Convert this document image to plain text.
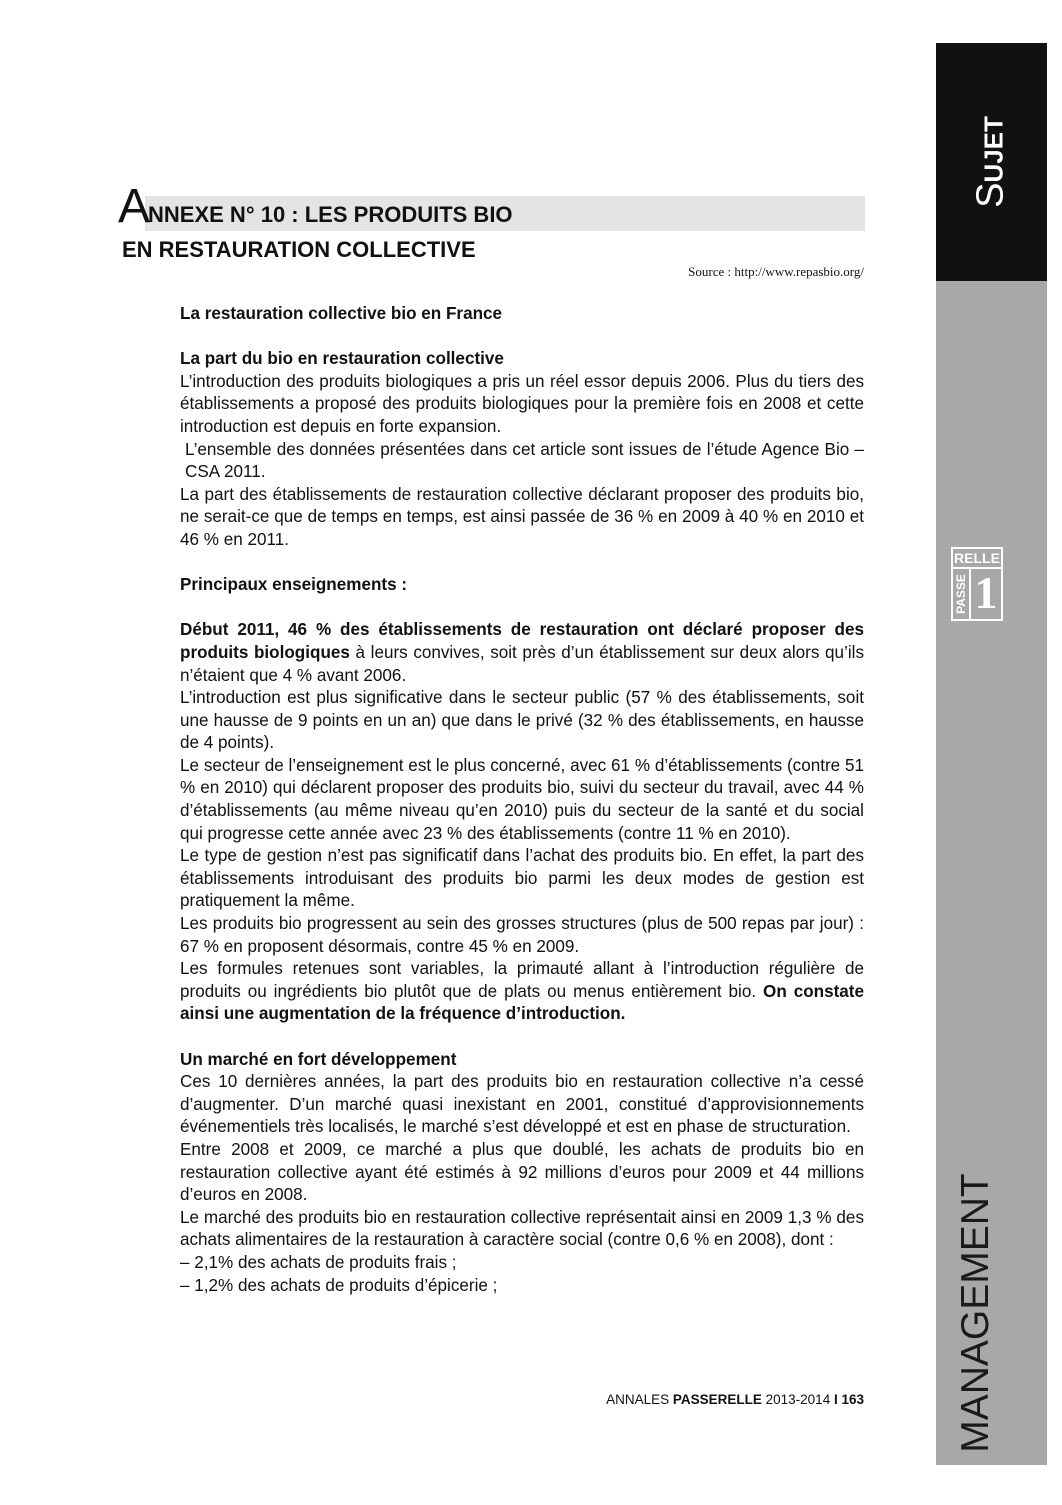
SUJET
RELLE
PASSE 1
MANAGEMENT
ANNEXE N° 10 : LES PRODUITS BIO
EN RESTAURATION COLLECTIVE
Source : http://www.repasbio.org/

La restauration collective bio en France

La part du bio en restauration collective

L’introduction des produits biologiques a pris un réel essor depuis 2006. Plus du tiers des établissements a proposé des produits biologiques pour la première fois en 2008 et cette introduction est depuis en forte expansion.

L’ensemble des données présentées dans cet article sont issues de l’étude Agence Bio – CSA 2011.

La part des établissements de restauration collective déclarant proposer des produits bio, ne serait-ce que de temps en temps, est ainsi passée de 36 % en 2009 à 40 % en 2010 et 46 % en 2011.

Principaux enseignements :

Début 2011, 46 % des établissements de restauration ont déclaré proposer des produits biologiques à leurs convives, soit près d’un établissement sur deux alors qu’ils n’étaient que 4 % avant 2006.

L’introduction est plus significative dans le secteur public (57 % des établissements, soit une hausse de 9 points en un an) que dans le privé (32 % des établissements, en hausse de 4 points).

Le secteur de l’enseignement est le plus concerné, avec 61 % d’établissements (contre 51 % en 2010) qui déclarent proposer des produits bio, suivi du secteur du travail, avec 44 % d’établissements (au même niveau qu’en 2010) puis du secteur de la santé et du social qui progresse cette année avec 23 % des établissements (contre 11 % en 2010).

Le type de gestion n’est pas significatif dans l’achat des produits bio. En effet, la part des établissements introduisant des produits bio parmi les deux modes de gestion est pratiquement la même.

Les produits bio progressent au sein des grosses structures (plus de 500 repas par jour) : 67 % en proposent désormais, contre 45 % en 2009.

Les formules retenues sont variables, la primauté allant à l’introduction régulière de produits ou ingrédients bio plutôt que de plats ou menus entièrement bio. On constate ainsi une augmentation de la fréquence d’introduction.

Un marché en fort développement

Ces 10 dernières années, la part des produits bio en restauration collective n’a cessé d’augmenter. D’un marché quasi inexistant en 2001, constitué d’approvisionnements événementiels très localisés, le marché s’est développé et est en phase de structuration.

Entre 2008 et 2009, ce marché a plus que doublé, les achats de produits bio en restauration collective ayant été estimés à 92 millions d’euros pour 2009 et 44 millions d’euros en 2008.

Le marché des produits bio en restauration collective représentait ainsi en 2009 1,3 % des achats alimentaires de la restauration à caractère social (contre 0,6 % en 2008), dont :

– 2,1% des achats de produits frais ;

– 1,2% des achats de produits d’épicerie ;

ANNALES PASSERELLE 2013-2014 I 163
